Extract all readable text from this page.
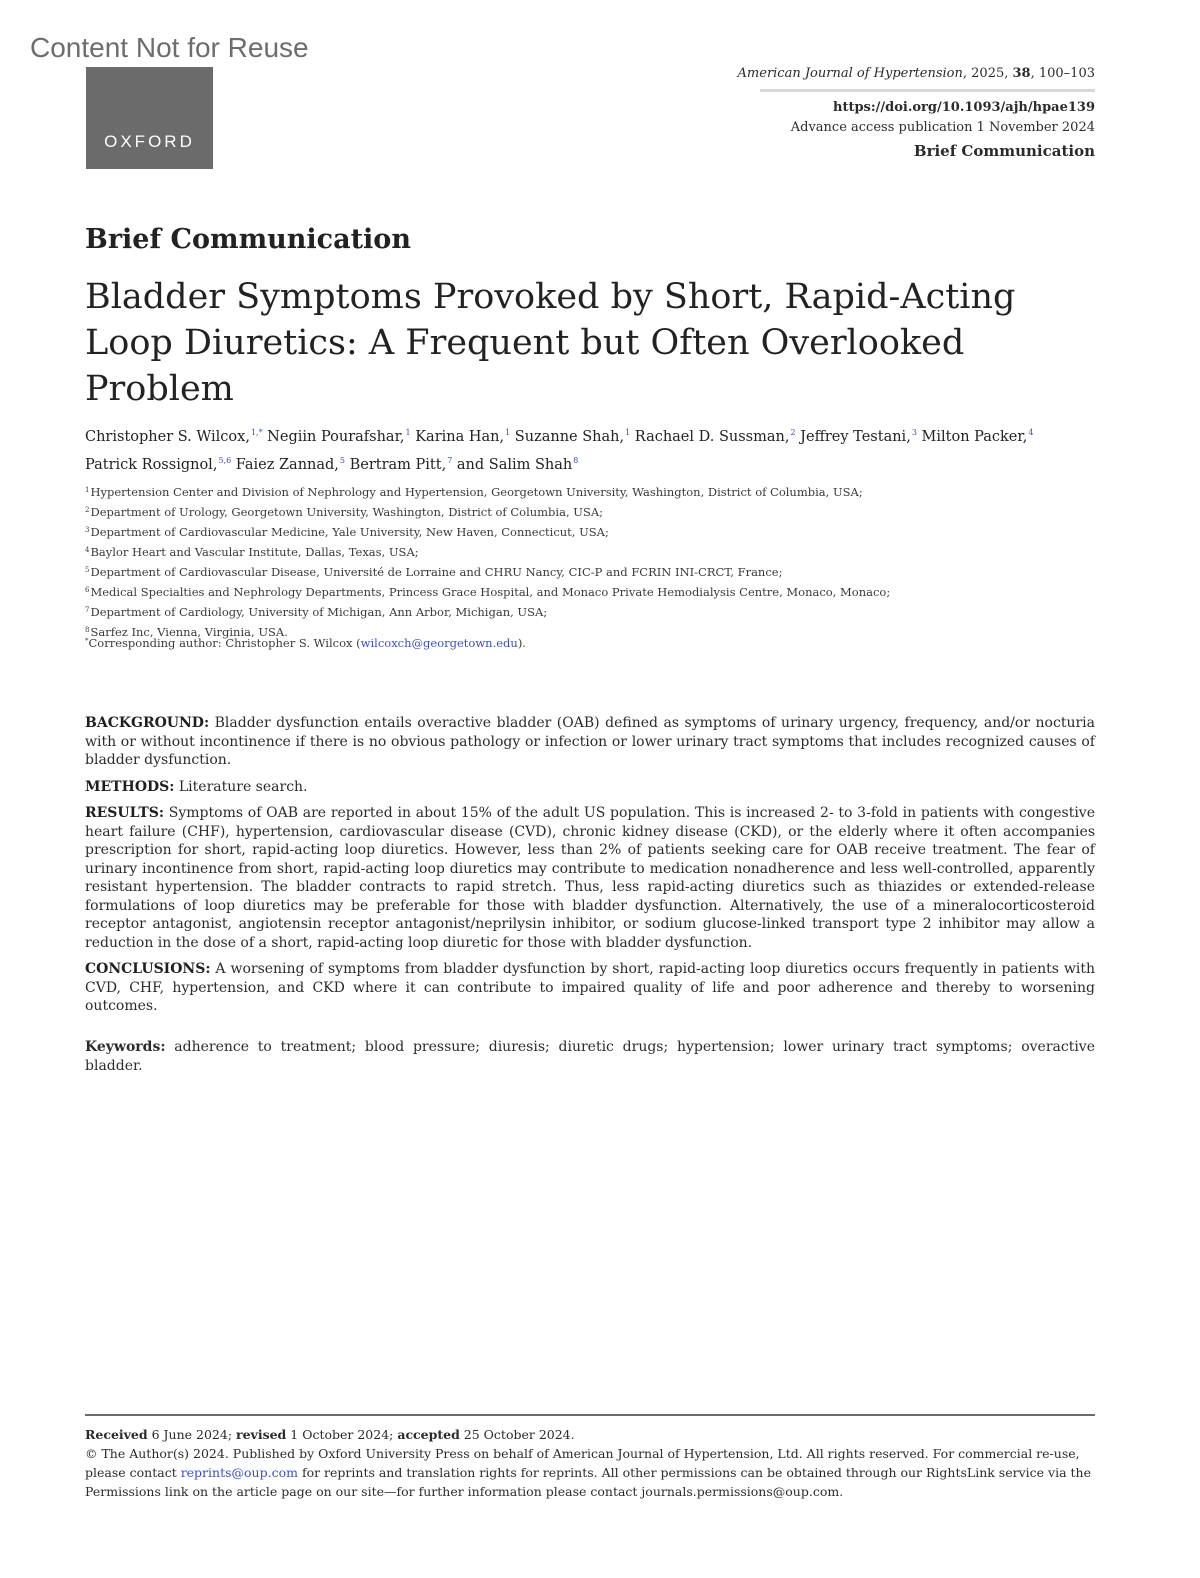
Content Not for Reuse
OXFORD
American Journal of Hypertension, 2025, 38, 100–103
https://doi.org/10.1093/ajh/hpae139
Advance access publication 1 November 2024
Brief Communication
Brief Communication
Bladder Symptoms Provoked by Short, Rapid-Acting Loop Diuretics: A Frequent but Often Overlooked Problem
Christopher S. Wilcox,$^{1,*}$ Negiin Pourafshar,$^1$ Karina Han,$^1$ Suzanne Shah,$^1$ Rachael D. Sussman,$^2$ Jeffrey Testani,$^3$ Milton Packer,$^4$
Patrick Rossignol,$^{5,6}$ Faiez Zannad,$^5$ Bertram Pitt,$^7$ and Salim Shah$^8$
$^1$Hypertension Center and Division of Nephrology and Hypertension, Georgetown University, Washington, District of Columbia, USA;
$^2$Department of Urology, Georgetown University, Washington, District of Columbia, USA;
$^3$Department of Cardiovascular Medicine, Yale University, New Haven, Connecticut, USA;
$^4$Baylor Heart and Vascular Institute, Dallas, Texas, USA;
$^5$Department of Cardiovascular Disease, Université de Lorraine and CHRU Nancy, CIC-P and FCRIN INI-CRCT, France;
$^6$Medical Specialties and Nephrology Departments, Princess Grace Hospital, and Monaco Private Hemodialysis Centre, Monaco, Monaco;
$^7$Department of Cardiology, University of Michigan, Ann Arbor, Michigan, USA;
$^8$Sarfez Inc, Vienna, Virginia, USA.
*Corresponding author: Christopher S. Wilcox (wilcoxch@georgetown.edu).

BACKGROUND: Bladder dysfunction entails overactive bladder (OAB) defined as symptoms of urinary urgency, frequency, and/or nocturia with or without incontinence if there is no obvious pathology or infection or lower urinary tract symptoms that includes recognized causes of bladder dysfunction.

METHODS: Literature search.

RESULTS: Symptoms of OAB are reported in about 15% of the adult US population. This is increased 2- to 3-fold in patients with congestive heart failure (CHF), hypertension, cardiovascular disease (CVD), chronic kidney disease (CKD), or the elderly where it often accompanies prescription for short, rapid-acting loop diuretics. However, less than 2% of patients seeking care for OAB receive treatment. The fear of urinary incontinence from short, rapid-acting loop diuretics may contribute to medication nonadherence and less well-controlled, apparently resistant hypertension. The bladder contracts to rapid stretch. Thus, less rapid-acting diuretics such as thiazides or extended-release formulations of loop diuretics may be preferable for those with bladder dysfunction. Alternatively, the use of a mineralocorticosteroid receptor antagonist, angiotensin receptor antagonist/neprilysin inhibitor, or sodium glucose-linked transport type 2 inhibitor may allow a reduction in the dose of a short, rapid-acting loop diuretic for those with bladder dysfunction.

CONCLUSIONS: A worsening of symptoms from bladder dysfunction by short, rapid-acting loop diuretics occurs frequently in patients with CVD, CHF, hypertension, and CKD where it can contribute to impaired quality of life and poor adherence and thereby to worsening outcomes.

Keywords: adherence to treatment; blood pressure; diuresis; diuretic drugs; hypertension; lower urinary tract symptoms; overactive bladder.

Received 6 June 2024; revised 1 October 2024; accepted 25 October 2024.

© The Author(s) 2024. Published by Oxford University Press on behalf of American Journal of Hypertension, Ltd. All rights reserved. For commercial re-use, please contact reprints@oup.com for reprints and translation rights for reprints. All other permissions can be obtained through our RightsLink service via the Permissions link on the article page on our site—for further information please contact journals.permissions@oup.com.
